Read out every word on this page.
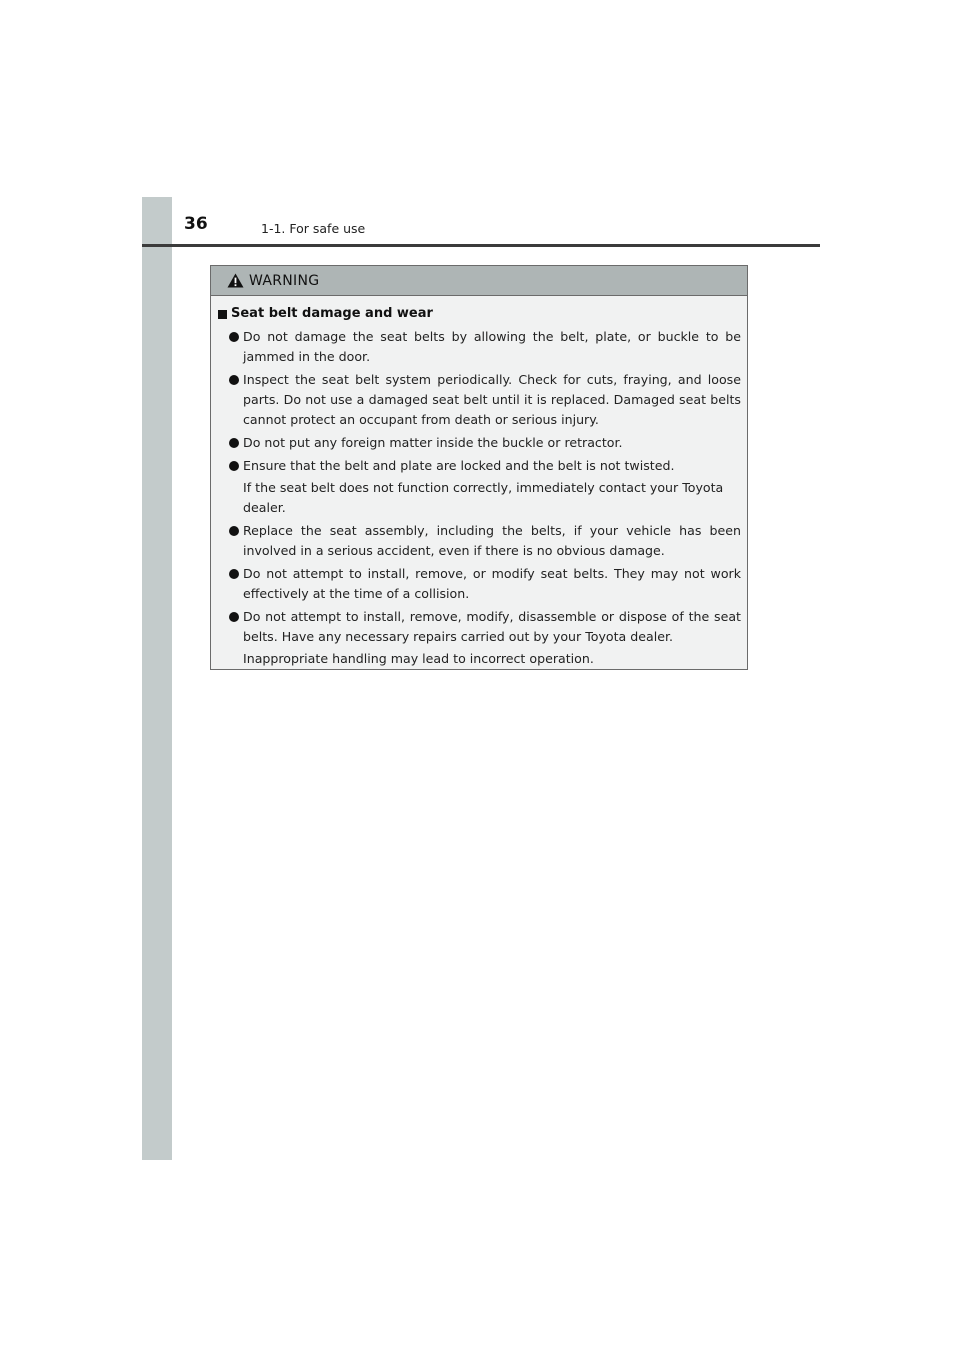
36	1-1. For safe use
WARNING
Seat belt damage and wear

Do not damage the seat belts by allowing the belt, plate, or buckle to be jammed in the door.

Inspect the seat belt system periodically. Check for cuts, fraying, and loose parts. Do not use a damaged seat belt until it is replaced. Damaged seat belts cannot protect an occupant from death or serious injury.

Do not put any foreign matter inside the buckle or retractor.

Ensure that the belt and plate are locked and the belt is not twisted.

If the seat belt does not function correctly, immediately contact your Toyota dealer.

Replace the seat assembly, including the belts, if your vehicle has been involved in a serious accident, even if there is no obvious damage.

Do not attempt to install, remove, or modify seat belts. They may not work effectively at the time of a collision.

Do not attempt to install, remove, modify, disassemble or dispose of the seat belts. Have any necessary repairs carried out by your Toyota dealer.

Inappropriate handling may lead to incorrect operation.
